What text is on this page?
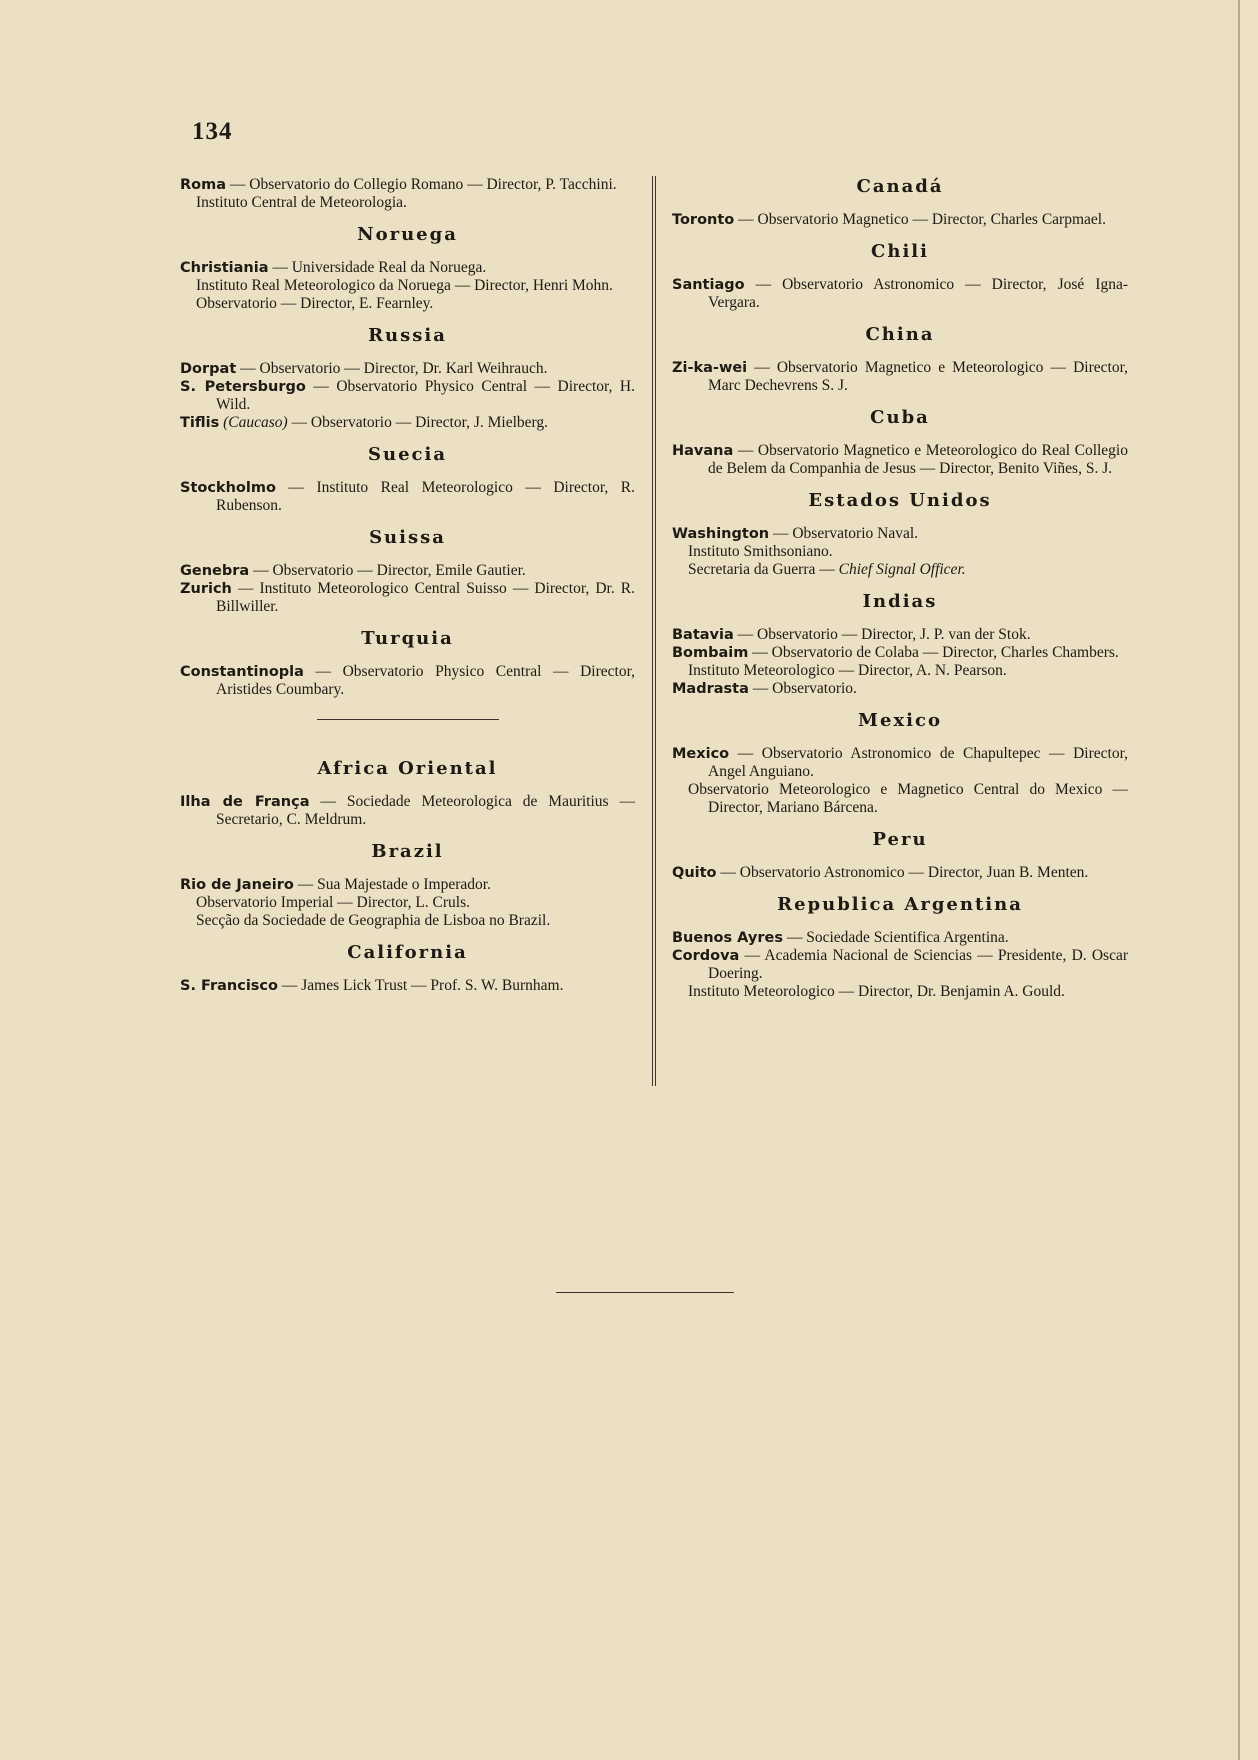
134

Roma — Observatorio do Collegio Romano — Director, P. Tacchini.

Instituto Central de Meteorologia.

Noruega

Christiania — Universidade Real da Noruega.

Instituto Real Meteorologico da Noruega — Director, Henri Mohn.

Observatorio — Director, E. Fearnley.

Russia

Dorpat — Observatorio — Director, Dr. Karl Weihrauch.

S. Petersburgo — Observatorio Physico Central — Director, H. Wild.

Tiflis (Caucaso) — Observatorio — Director, J. Mielberg.

Suecia

Stockholmo — Instituto Real Meteorologico — Director, R. Rubenson.

Suissa

Genebra — Observatorio — Director, Emile Gautier.

Zurich — Instituto Meteorologico Central Suisso — Director, Dr. R. Billwiller.

Turquia

Constantinopla — Observatorio Physico Central — Director, Aristides Coumbary.

Africa Oriental

Ilha de França — Sociedade Meteorologica de Mauritius — Secretario, C. Meldrum.

Brazil

Rio de Janeiro — Sua Majestade o Imperador.

Observatorio Imperial — Director, L. Cruls.

Secção da Sociedade de Geographia de Lisboa no Brazil.

California

S. Francisco — James Lick Trust — Prof. S. W. Burnham.

Canadá

Toronto — Observatorio Magnetico — Director, Charles Carpmael.

Chili

Santiago — Observatorio Astronomico — Director, José Igna-Vergara.

China

Zi-ka-wei — Observatorio Magnetico e Meteorologico — Director, Marc Dechevrens S. J.

Cuba

Havana — Observatorio Magnetico e Meteorologico do Real Collegio de Belem da Companhia de Jesus — Director, Benito Viñes, S. J.

Estados Unidos

Washington — Observatorio Naval.

Instituto Smithsoniano.

Secretaria da Guerra — Chief Signal Officer.

Indias

Batavia — Observatorio — Director, J. P. van der Stok.

Bombaim — Observatorio de Colaba — Director, Charles Chambers.

Instituto Meteorologico — Director, A. N. Pearson.

Madrasta — Observatorio.

Mexico

Mexico — Observatorio Astronomico de Chapultepec — Director, Angel Anguiano.

Observatorio Meteorologico e Magnetico Central do Mexico — Director, Mariano Bárcena.

Peru

Quito — Observatorio Astronomico — Director, Juan B. Menten.

Republica Argentina

Buenos Ayres — Sociedade Scientifica Argentina.

Cordova — Academia Nacional de Sciencias — Presidente, D. Oscar Doering.

Instituto Meteorologico — Director, Dr. Benjamin A. Gould.
